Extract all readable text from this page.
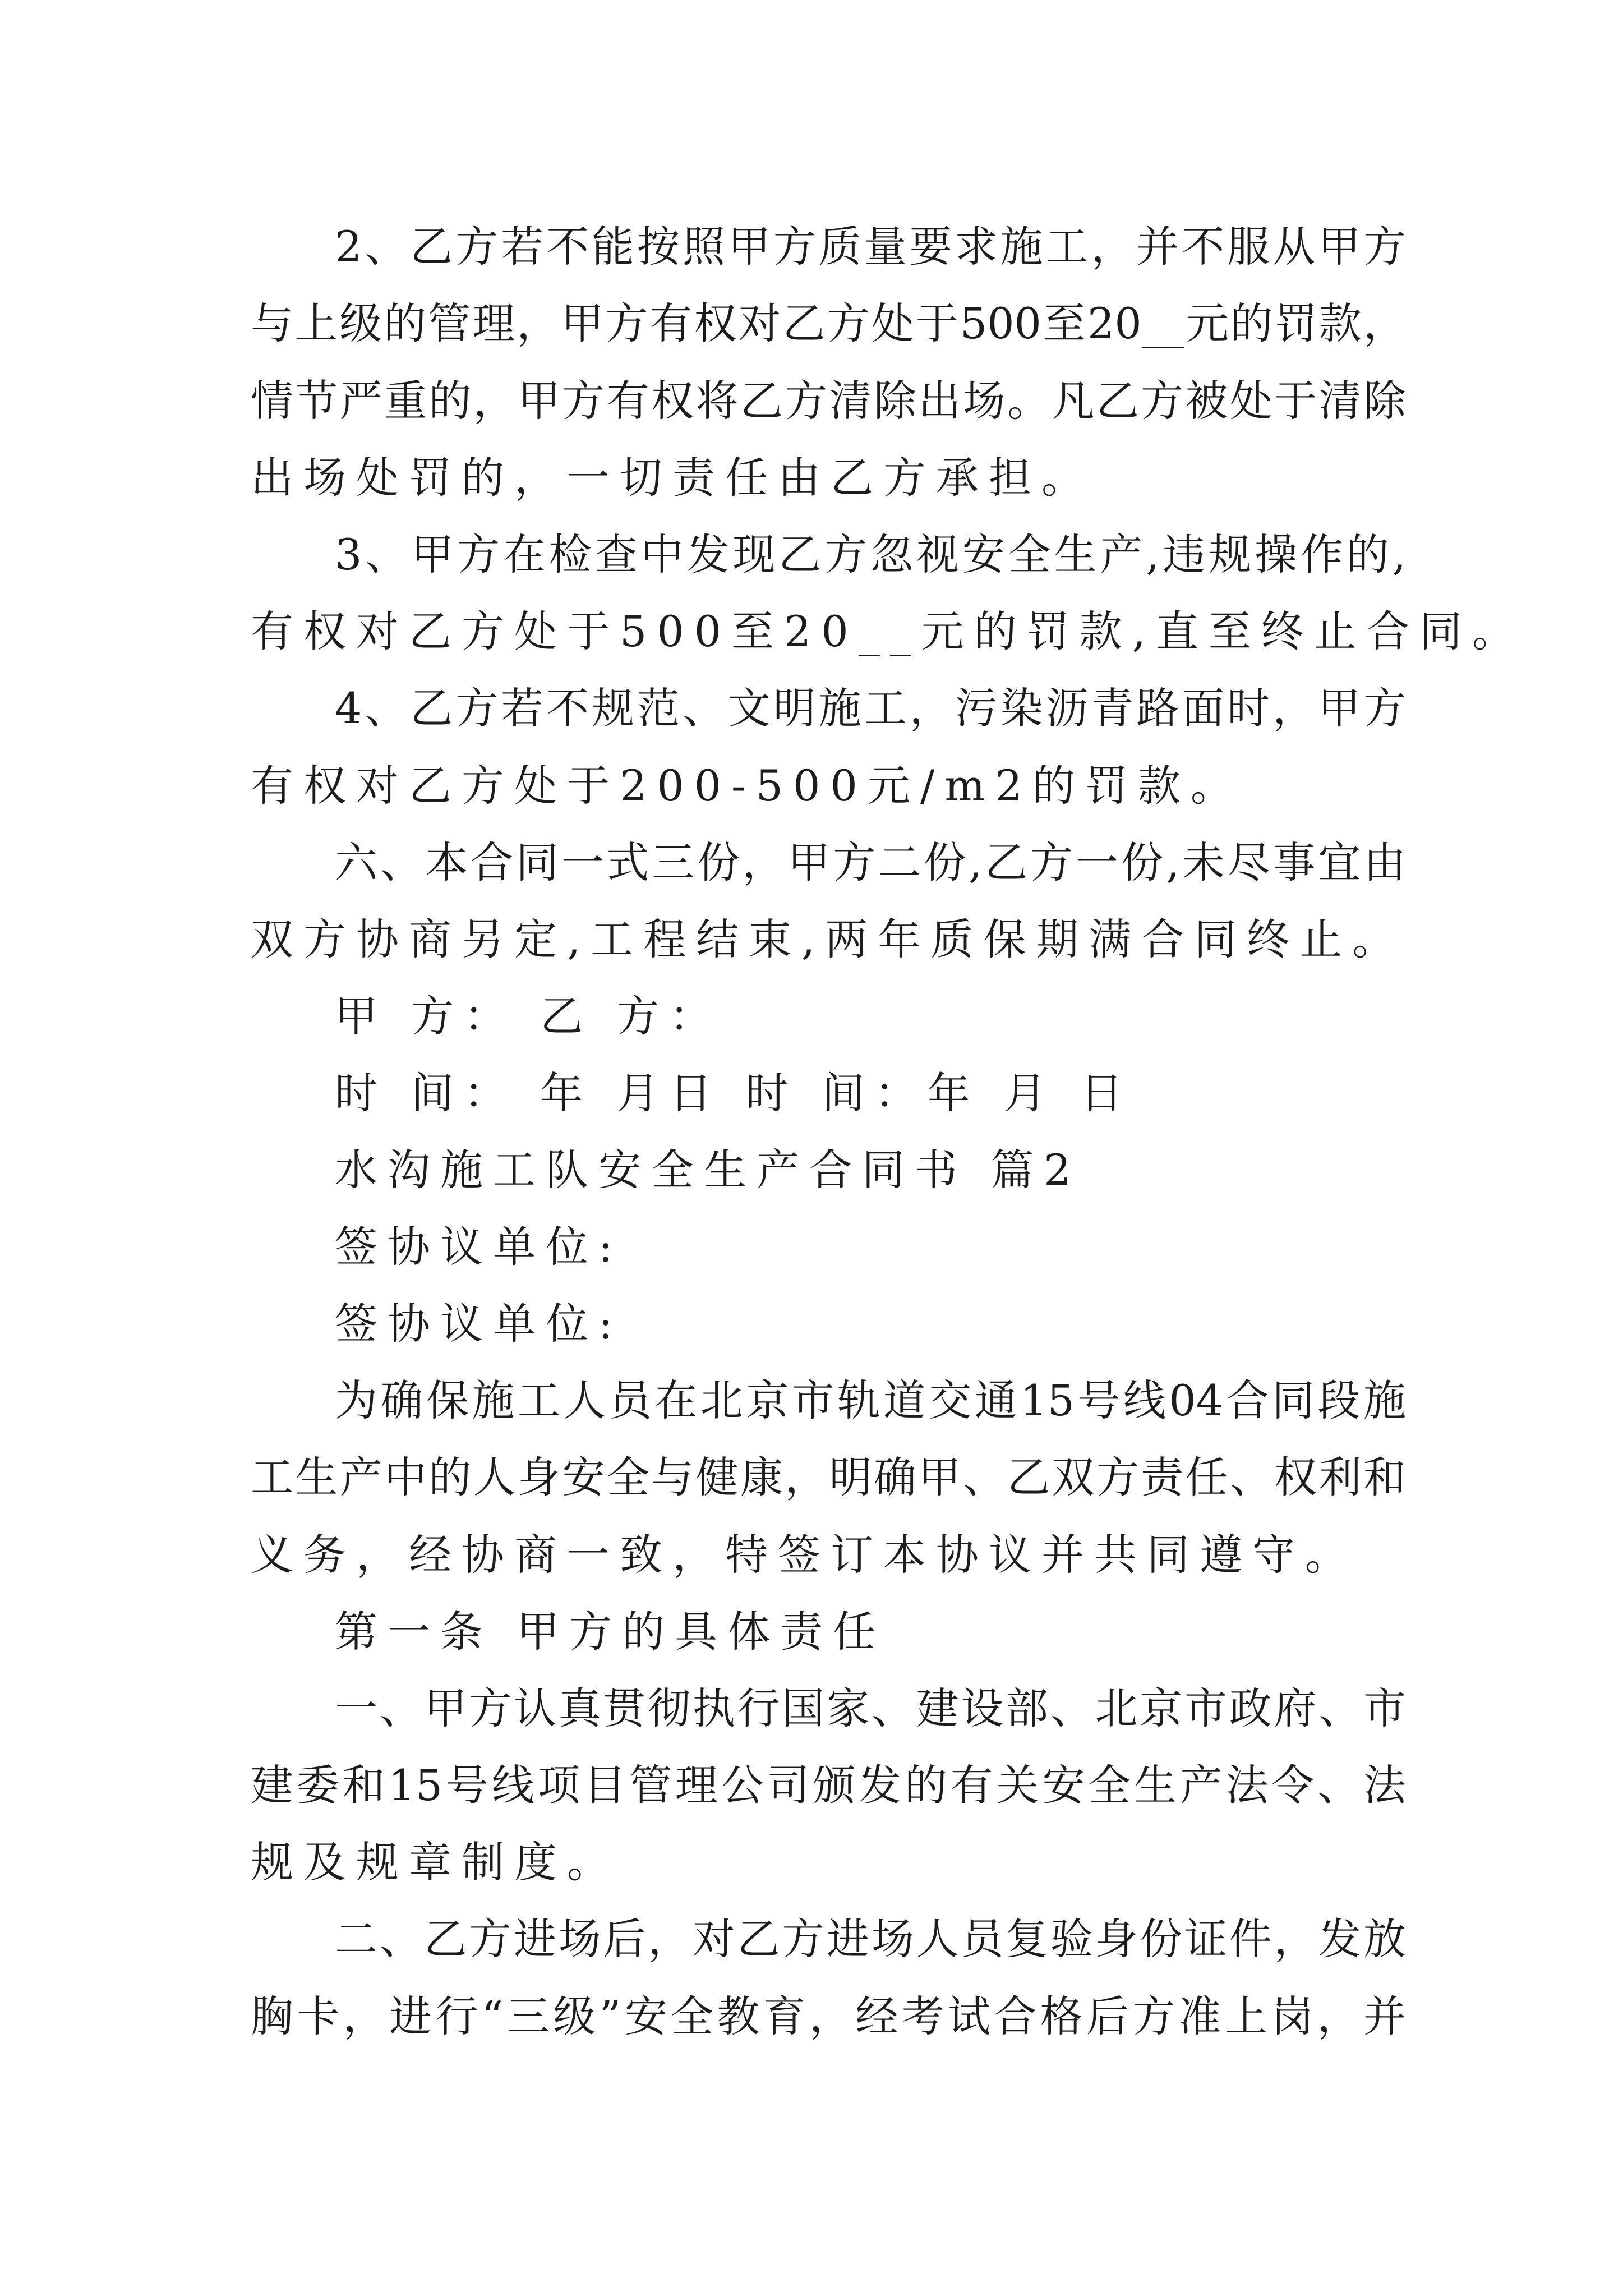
2、乙方若不能按照甲方质量要求施工，并不服从甲方
与上级的管理，甲方有权对乙方处于500至20__元的罚款，
情节严重的，甲方有权将乙方清除出场。凡乙方被处于清除
出场处罚的，一切责任由乙方承担。
3、甲方在检查中发现乙方忽视安全生产,违规操作的,
有权对乙方处于500至20__元的罚款,直至终止合同。
4、乙方若不规范、文明施工，污染沥青路面时，甲方
有权对乙方处于200-500元/m2的罚款。
六、本合同一式三份，甲方二份,乙方一份,未尽事宜由
双方协商另定,工程结束,两年质保期满合同终止。
甲 方： 乙 方：
时 间： 年 月日 时 间：年 月 日
水沟施工队安全生产合同书 篇2
签协议单位:
签协议单位:
为确保施工人员在北京市轨道交通15号线04合同段施
工生产中的人身安全与健康，明确甲、乙双方责任、权利和
义务，经协商一致，特签订本协议并共同遵守。
第一条 甲方的具体责任
一、甲方认真贯彻执行国家、建设部、北京市政府、市
建委和15号线项目管理公司颁发的有关安全生产法令、法
规及规章制度。
二、乙方进场后，对乙方进场人员复验身份证件，发放
胸卡，进行“三级”安全教育，经考试合格后方准上岗，并
